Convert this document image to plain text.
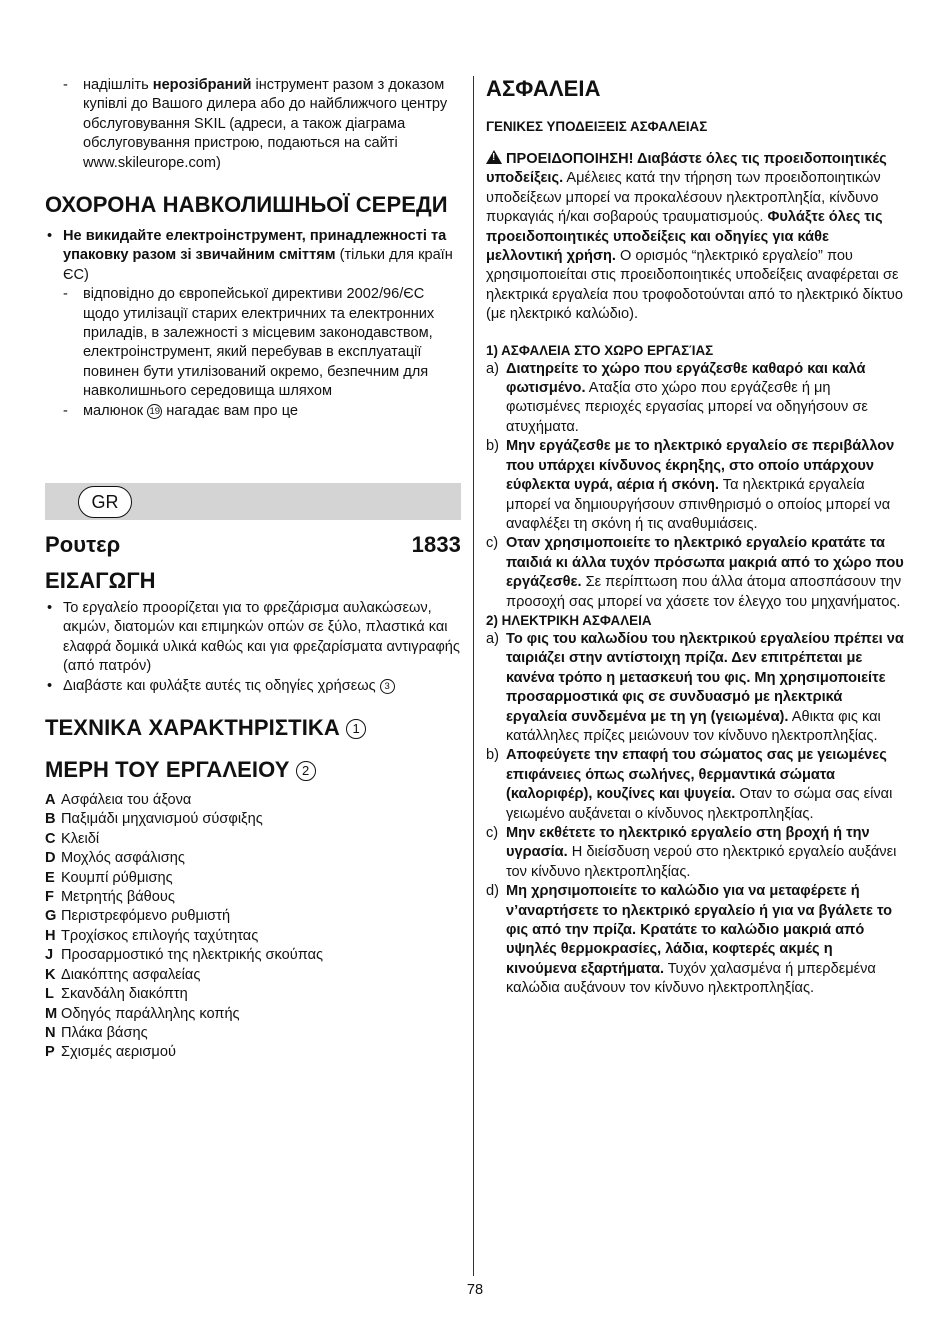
- надішліть нерозібраний інструмент разом з доказом купівлі до Вашого дилера або до найближчого центру обслуговування SKIL (адреси, а також діаграма обслуговування пристрою, подаються на сайті www.skileurope.com)
ОХОРОНА НАВКОЛИШНЬОЇ СЕРЕДИ
• Не викидайте електроінструмент, принадлежності та упаковку разом зі звичайним сміттям (тільки для країн ЄС)
- відповідно до європейської директиви 2002/96/ЄС щодо утилізації старих електричних та електронних приладів, в залежності з місцевим законодавством, електроінструмент, який перебував в експлуатації повинен бути утилізований окремо, безпечним для навколишнього середовища шляхом
- малюнок 19 нагадає вам про це
GR
Ρουτερ	1833
ΕΙΣΑΓΩΓΗ
• Το εργαλείο προορίζεται για το φρεζάρισμα αυλακώσεων, ακμών, διατομών και επιμηκών οπών σε ξύλο, πλαστικά και ελαφρά δομικά υλικά καθώς και για φρεζαρίσματα αντιγραφής (από πατρόν)
• Διαβάστε και φυλάξτε αυτές τις οδηγίες χρήσεως 3
ΤΕΧΝΙΚΑ ΧΑΡΑΚΤΗΡΙΣΤΙΚΑ 1
ΜΕΡΗ ΤΟΥ ΕΡΓΑΛΕΙΟΥ 2
A Ασφάλεια του άξονα
B Παξιμάδι μηχανισμού σύσφιξης
C Κλειδί
D Μοχλός ασφάλισης
E Κουμπί ρύθμισης
F Μετρητής βάθους
G Περιστρεφόμενο ρυθμιστή
H Τροχίσκος επιλογής ταχύτητας
J Προσαρμοστικό της ηλεκτρικής σκούπας
K Διακόπτης ασφαλείας
L Σκανδάλη διακόπτη
M Οδηγός παράλληλης κοπής
N Πλάκα βάσης
P Σχισμές αερισμού
ΑΣΦΑΛΕΙΑ
ΓΕΝΙΚΕΣ ΥΠΟΔΕΙΞΕΙΣ ΑΣΦΑΛΕΙΑΣ
!ΠΡΟΕΙΔΟΠΟΙΗΣΗ! Διαβάστε όλες τις προειδοποιητικές υποδείξεις. Αμέλειες κατά την τήρηση των προειδοποιητικών υποδείξεων μπορεί να προκαλέσουν ηλεκτροπληξία, κίνδυνο πυρκαγιάς ή/και σοβαρούς τραυματισμούς. Φυλάξτε όλες τις προειδοποιητικές υποδείξεις και οδηγίες για κάθε μελλοντική χρήση. Ο ορισμός “ηλεκτρικό εργαλείο” που χρησιμοποιείται στις προειδοποιητικές υποδείξεις αναφέρεται σε ηλεκτρικά εργαλεία που τροφοδοτούνται από το ηλεκτρικό δίκτυο (με ηλεκτρικό καλώδιο).
1) ΑΣΦΑΛΕΙΑ ΣΤΟ ΧΩΡΟ ΕΡΓΑΣΊΑΣ
a) Διατηρείτε το χώρο που εργάζεσθε καθαρό και καλά φωτισμένο. Αταξία στο χώρο που εργάζεσθε ή μη φωτισμένες περιοχές εργασίας μπορεί να οδηγήσουν σε ατυχήματα.
b) Μην εργάζεσθε με το ηλεκτρικό εργαλείο σε περιβάλλον που υπάρχει κίνδυνος έκρηξης, στο οποίο υπάρχουν εύφλεκτα υγρά, αέρια ή σκόνη. Τα ηλεκτρικά εργαλεία μπορεί να δημιουργήσουν σπινθηρισμό ο οποίος μπορεί να αναφλέξει τη σκόνη ή τις αναθυμιάσεις.
c) Οταν χρησιμοποιείτε το ηλεκτρικό εργαλείο κρατάτε τα παιδιά κι άλλα τυχόν πρόσωπα μακριά από το χώρο που εργάζεσθε. Σε περίπτωση που άλλα άτομα αποσπάσουν την προσοχή σας μπορεί να χάσετε τον έλεγχο του μηχανήματος.
2) ΗΛΕΚΤΡΙΚΗ ΑΣΦΑΛΕΙΑ
a) Το φις του καλωδίου του ηλεκτρικού εργαλείου πρέπει να ταιριάζει στην αντίστοιχη πρίζα. Δεν επιτρέπεται με κανένα τρόπο η μετασκευή του φις. Μη χρησιμοποιείτε προσαρμοστικά φις σε συνδυασμό με ηλεκτρικά εργαλεία συνδεμένα με τη γη (γειωμένα). Αθικτα φις και κατάλληλες πρίζες μειώνουν τον κίνδυνο ηλεκτροπληξίας.
b) Αποφεύγετε την επαφή του σώματος σας με γειωμένες επιφάνειες όπως σωλήνες, θερμαντικά σώματα (καλοριφέρ), κουζίνες και ψυγεία. Οταν το σώμα σας είναι γειωμένο αυξάνεται ο κίνδυνος ηλεκτροπληξίας.
c) Μην εκθέτετε το ηλεκτρικό εργαλείο στη βροχή ή την υγρασία. Η διείσδυση νερού στο ηλεκτρικό εργαλείο αυξάνει τον κίνδυνο ηλεκτροπληξίας.
d) Μη χρησιμοποιείτε το καλώδιο για να μεταφέρετε ή ν’αναρτήσετε το ηλεκτρικό εργαλείο ή για να βγάλετε το φις από την πρίζα. Κρατάτε το καλώδιο μακριά από υψηλές θερμοκρασίες, λάδια, κοφτερές ακμές η κινούμενα εξαρτήματα. Τυχόν χαλασμένα ή μπερδεμένα καλώδια αυξάνουν τον κίνδυνο ηλεκτροπληξίας.
78
